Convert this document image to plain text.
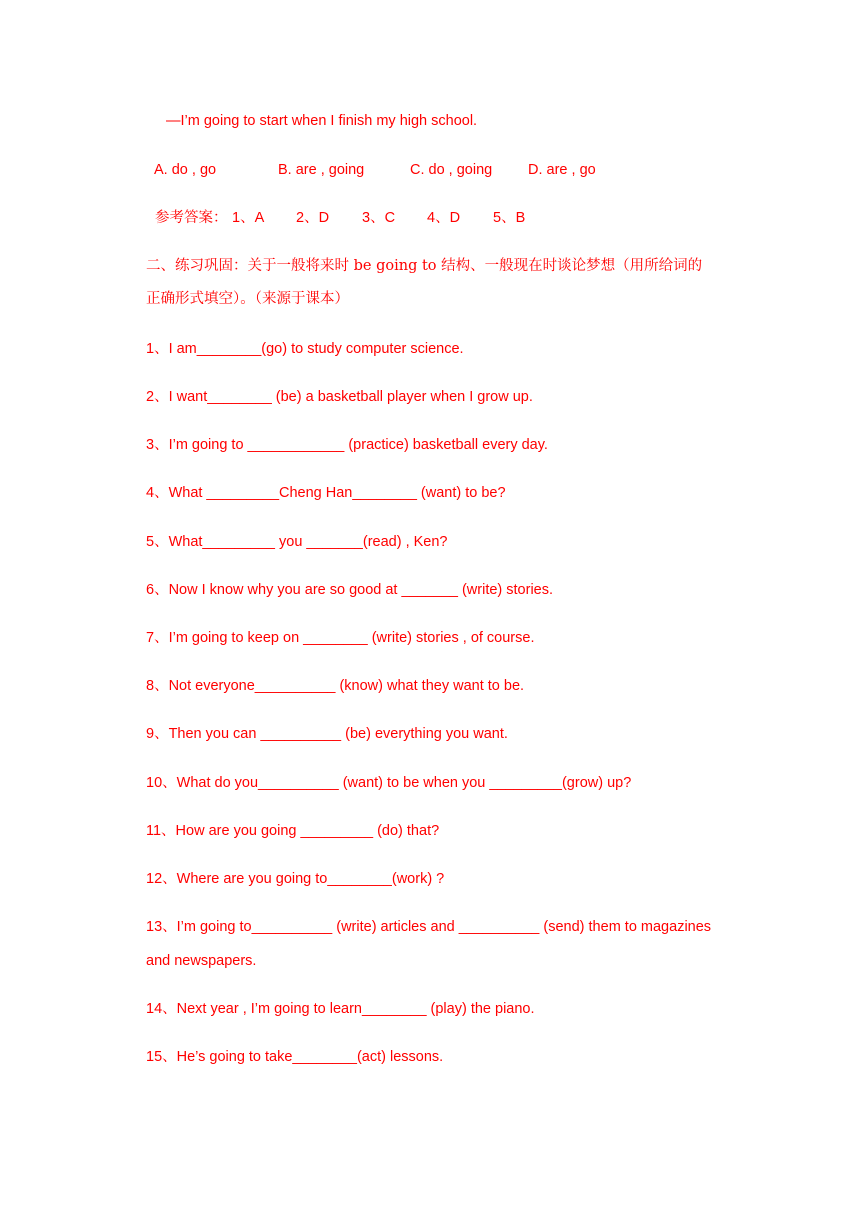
—I’m going to start when I finish my high school.
A. do , go	B. are , going	C. do , going D. are , go
参考答案： 1、A 2、D 3、C 4、D 5、B
二、练习巩固：关于一般将来时 be going to 结构、一般现在时谈论梦想（用所给词的
正确形式填空）。（来源于课本）
1、I am________(go) to study computer science.
2、I want________ (be) a basketball player when I grow up.
3、I’m going to ____________ (practice) basketball every day.
4、What _________Cheng Han________ (want) to be?
5、What_________ you _______(read) , Ken?
6、Now I know why you are so good at _______ (write) stories.
7、I’m going to keep on ________ (write) stories , of course.
8、Not everyone__________ (know) what they want to be.
9、Then you can __________ (be) everything you want.
10、What do you__________ (want) to be when you _________(grow) up?
11、How are you going _________ (do) that?
12、Where are you going to________(work) ?
13、I’m going to__________ (write) articles and __________ (send) them to magazines
and newspapers.
14、Next year , I’m going to learn________ (play) the piano.
15、He’s going to take________(act) lessons.
